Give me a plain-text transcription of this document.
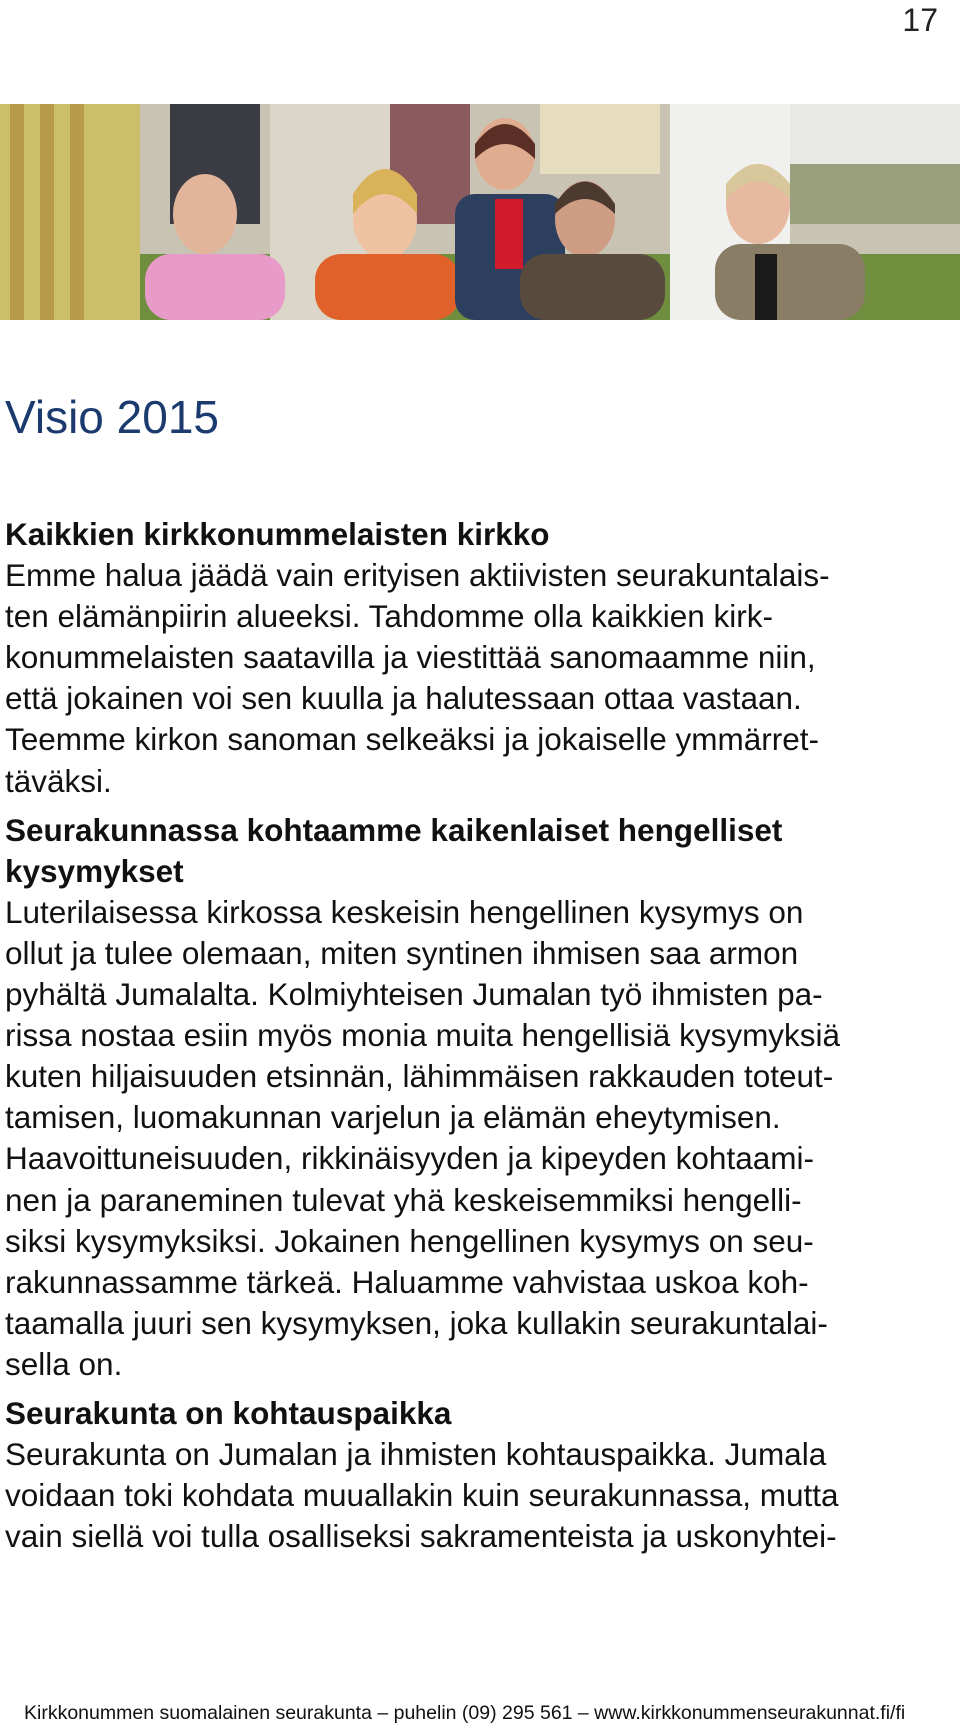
17
Visio 2015
Kaikkien kirkkonummelaisten kirkko
Emme halua jäädä vain erityisen aktiivisten seurakuntalais-
ten elämänpiirin alueeksi. Tahdomme olla kaikkien kirk-
konummelaisten saatavilla ja viestittää sanomaamme niin,
että jokainen voi sen kuulla ja halutessaan ottaa vastaan.
Teemme kirkon sanoman selkeäksi ja jokaiselle ymmärret-
täväksi.
Seurakunnassa kohtaamme kaikenlaiset hengelliset
kysymykset
Luterilaisessa kirkossa keskeisin hengellinen kysymys on
ollut ja tulee olemaan, miten syntinen ihmisen saa armon
pyhältä Jumalalta. Kolmiyhteisen Jumalan työ ihmisten pa-
rissa nostaa esiin myös monia muita hengellisiä kysymyksiä
kuten hiljaisuuden etsinnän, lähimmäisen rakkauden toteut-
tamisen, luomakunnan varjelun ja elämän eheytymisen.
Haavoittuneisuuden, rikkinäisyyden ja kipeyden kohtaami-
nen ja paraneminen tulevat yhä keskeisemmiksi hengelli-
siksi kysymyksiksi. Jokainen hengellinen kysymys on seu-
rakunnassamme tärkeä. Haluamme vahvistaa uskoa koh-
taamalla juuri sen kysymyksen, joka kullakin seurakuntalai-
sella on.
Seurakunta on kohtauspaikka
Seurakunta on Jumalan ja ihmisten kohtauspaikka. Jumala
voidaan toki kohdata muuallakin kuin seurakunnassa, mutta
vain siellä voi tulla osalliseksi sakramenteista ja uskonyhtei-
Kirkkonummen suomalainen seurakunta – puhelin (09) 295 561 – www.kirkkonummenseurakunnat.fi/fi
